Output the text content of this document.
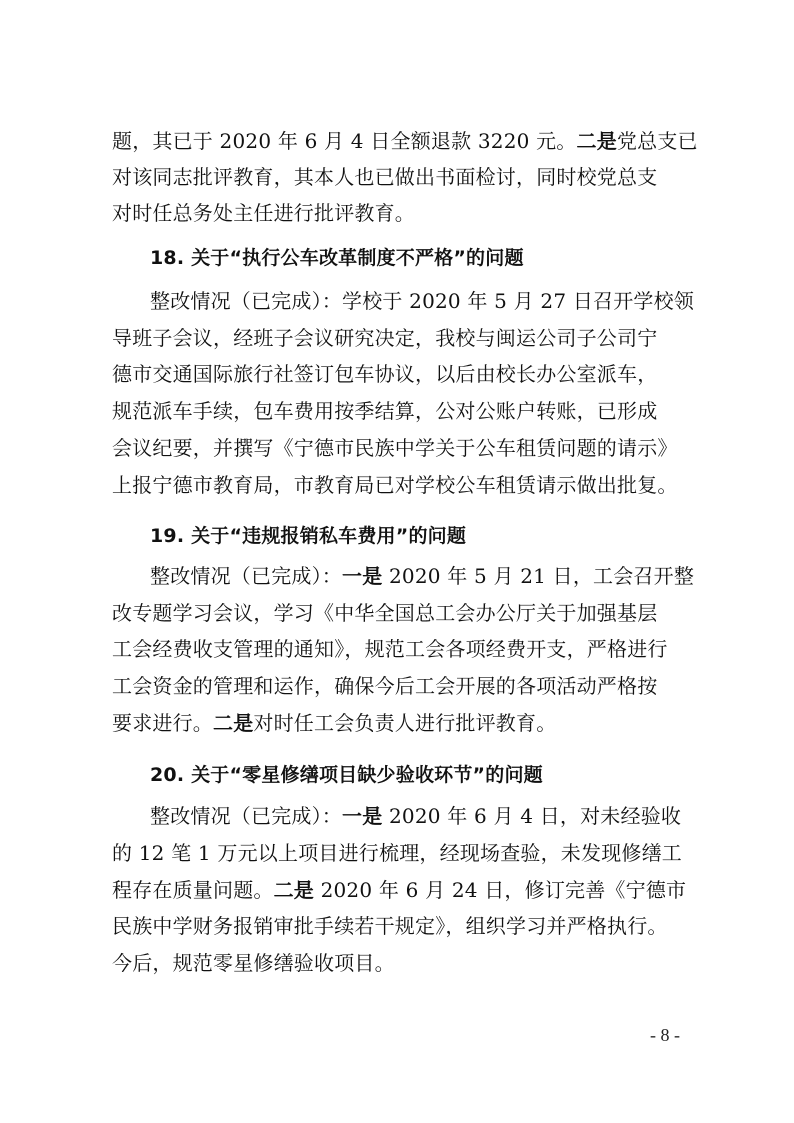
题，其已于 2020 年 6 月 4 日全额退款 3220 元。二是党总支已
对该同志批评教育，其本人也已做出书面检讨，同时校党总支
对时任总务处主任进行批评教育。
18. 关于“执行公车改革制度不严格”的问题
整改情况（已完成）：学校于 2020 年 5 月 27 日召开学校领
导班子会议，经班子会议研究决定，我校与闽运公司子公司宁
德市交通国际旅行社签订包车协议，以后由校长办公室派车，
规范派车手续，包车费用按季结算，公对公账户转账，已形成
会议纪要，并撰写《宁德市民族中学关于公车租赁问题的请示》
上报宁德市教育局，市教育局已对学校公车租赁请示做出批复。
19. 关于“违规报销私车费用”的问题
整改情况（已完成）：一是 2020 年 5 月 21 日，工会召开整
改专题学习会议，学习《中华全国总工会办公厅关于加强基层
工会经费收支管理的通知》，规范工会各项经费开支，严格进行
工会资金的管理和运作，确保今后工会开展的各项活动严格按
要求进行。二是对时任工会负责人进行批评教育。
20. 关于“零星修缮项目缺少验收环节”的问题
整改情况（已完成）：一是 2020 年 6 月 4 日，对未经验收
的 12 笔 1 万元以上项目进行梳理，经现场查验，未发现修缮工
程存在质量问题。二是 2020 年 6 月 24 日，修订完善《宁德市
民族中学财务报销审批手续若干规定》，组织学习并严格执行。
今后，规范零星修缮验收项目。
- 8 -
